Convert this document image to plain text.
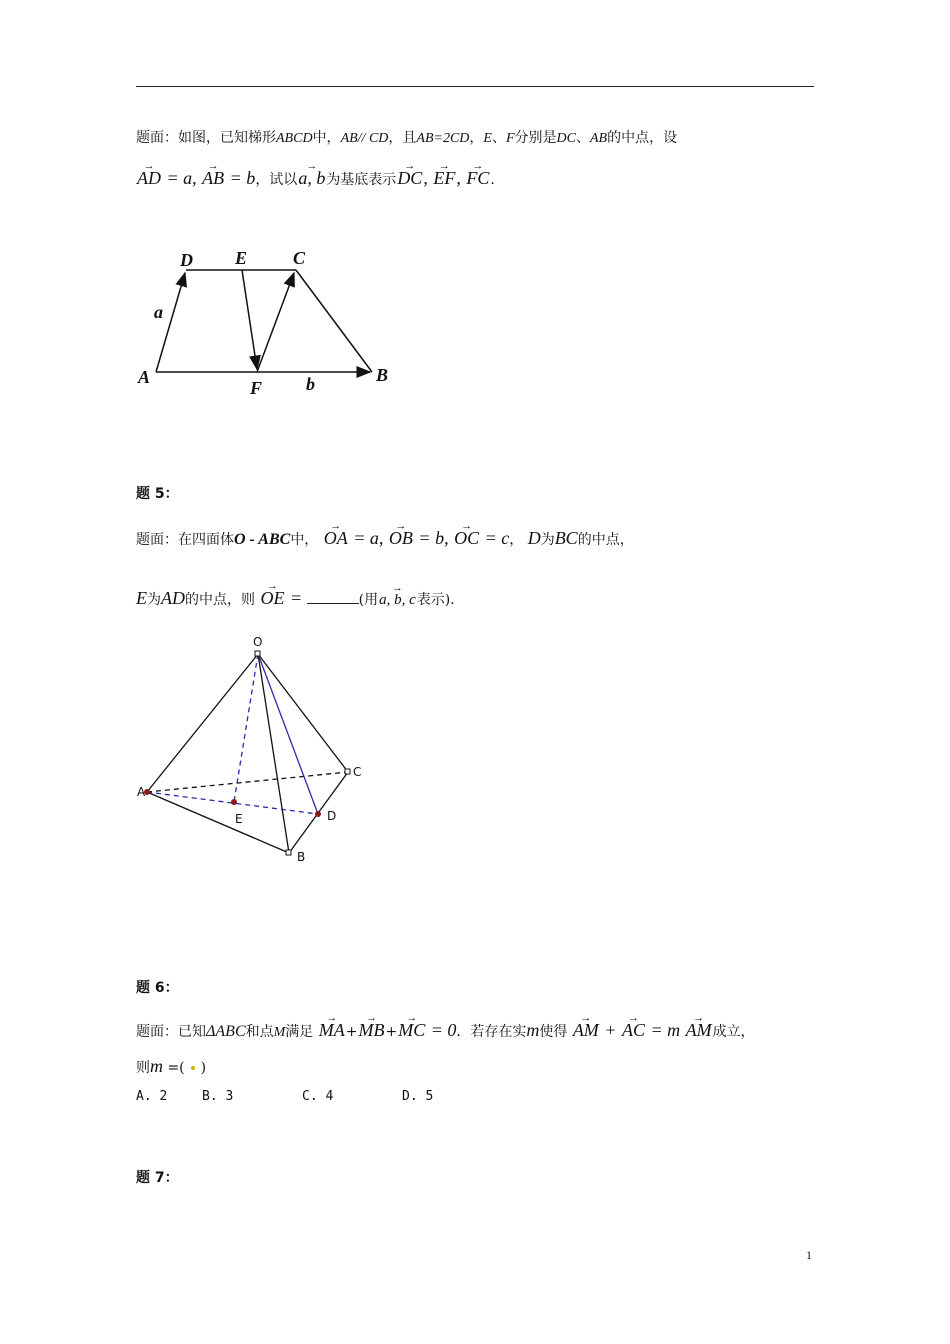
题面：如图，已知梯形ABCD中，AB// CD，且AB=2CD，E、F分别是DC、AB的中点，设
→ AD = a, → AB = b，试以→ a, b为基底表示→ DC, → EF, → FC.
D E	C
A	B
F
a
b
题 5：
题面：在四面体O - ABC中， → OA = a, → OB = b, → OC = c， D为BC的中点，
E为AD的中点，则 → OE =	(用→ a, b, c表示)．
O
A
C
E	D
B
题 6：
题面：已知ΔABC和点M满足 → MA+→ MB+→ MC = 0．若存在实m使得 → AM + → AC = m → AM成立，
则m =( )
A. 2	B. 3	C. 4	D. 5
题 7：
1
